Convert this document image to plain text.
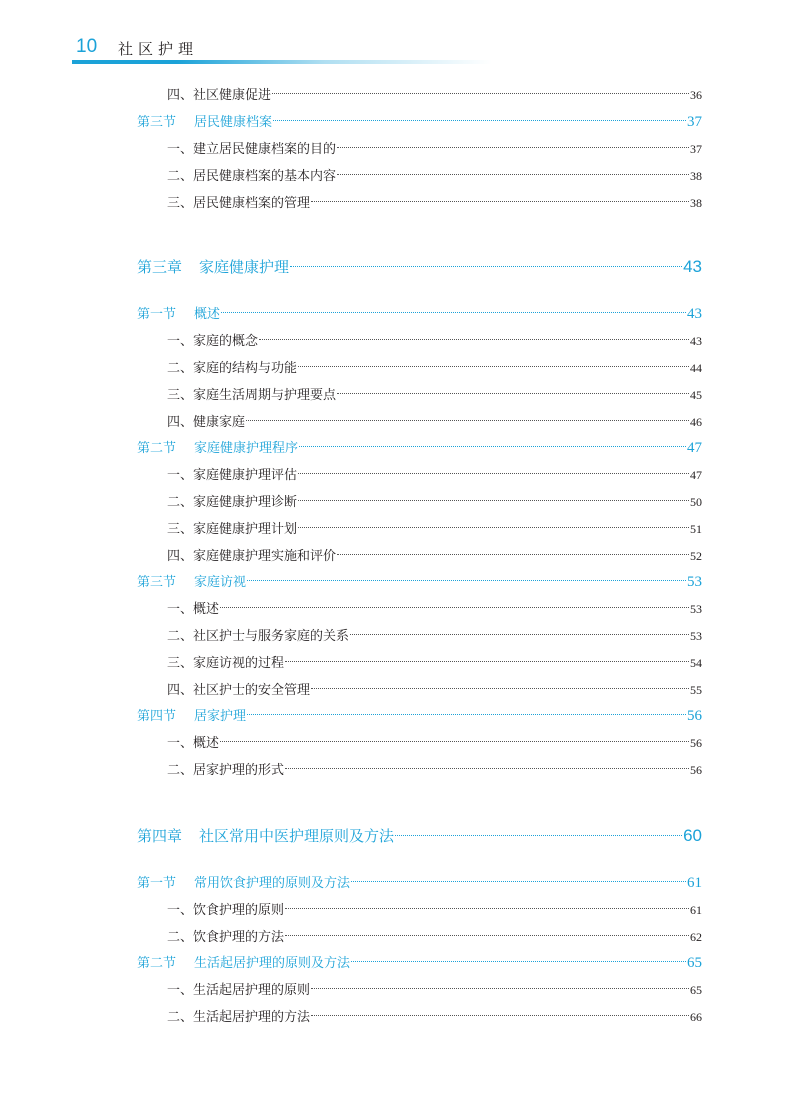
10 社区护理
四、 社区健康促进	36
第三节	居民健康档案	37
一、 建立居民健康档案的目的	37
二、 居民健康档案的基本内容	38
三、 居民健康档案的管理	38
第三章	家庭健康护理	43
第一节	概述	43
一、 家庭的概念	43
二、 家庭的结构与功能	44
三、 家庭生活周期与护理要点	45
四、 健康家庭	46
第二节	家庭健康护理程序	47
一、 家庭健康护理评估	47
二、 家庭健康护理诊断	50
三、 家庭健康护理计划	51
四、 家庭健康护理实施和评价	52
第三节	家庭访视	53
一、 概述	53
二、 社区护士与服务家庭的关系	53
三、 家庭访视的过程	54
四、 社区护士的安全管理	55
第四节	居家护理	56
一、 概述	56
二、 居家护理的形式	56
第四章	社区常用中医护理原则及方法	60
第一节	常用饮食护理的原则及方法	61
一、 饮食护理的原则	61
二、 饮食护理的方法	62
第二节	生活起居护理的原则及方法	65
一、 生活起居护理的原则	65
二、 生活起居护理的方法	66
